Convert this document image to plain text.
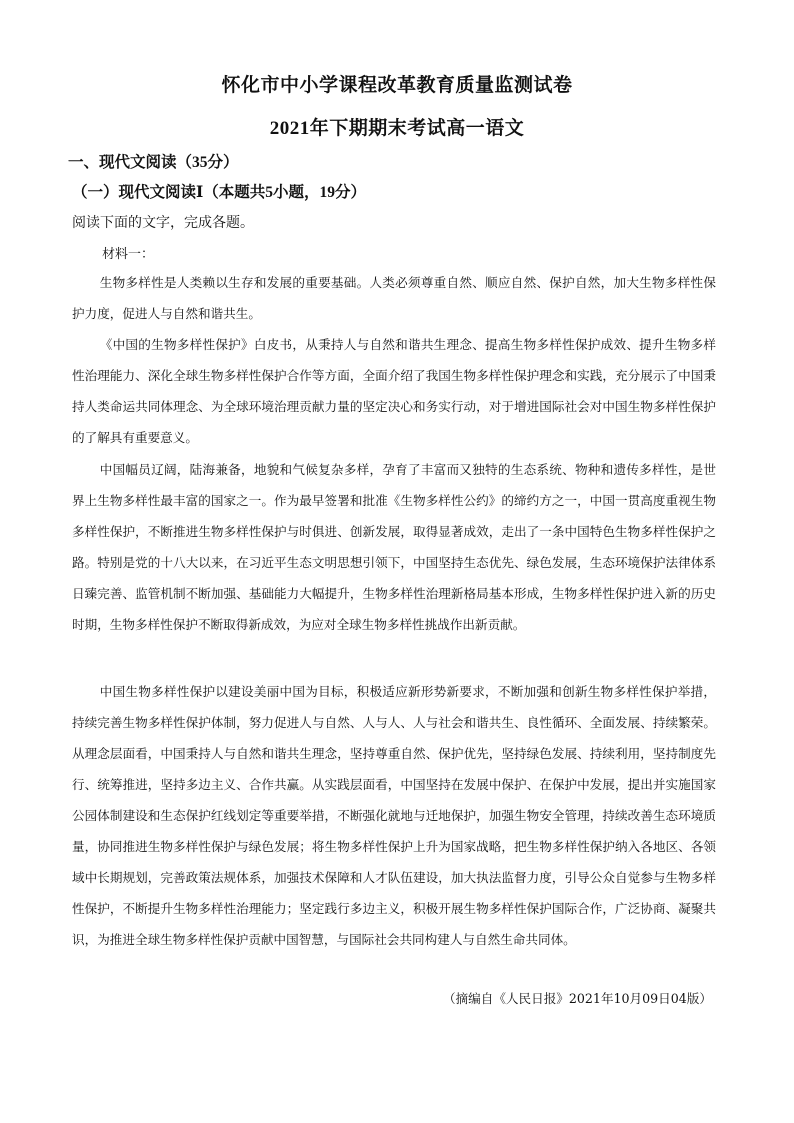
怀化市中小学课程改革教育质量监测试卷
2021年下期期末考试高一语文
一、现代文阅读（35分）
（一）现代文阅读Ⅰ（本题共5小题，19分）
阅读下面的文字，完成各题。
材料一：

生物多样性是人类赖以生存和发展的重要基础。人类必须尊重自然、顺应自然、保护自然，加大生物多样性保护力度，促进人与自然和谐共生。

《中国的生物多样性保护》白皮书，从秉持人与自然和谐共生理念、提高生物多样性保护成效、提升生物多样性治理能力、深化全球生物多样性保护合作等方面，全面介绍了我国生物多样性保护理念和实践，充分展示了中国秉持人类命运共同体理念、为全球环境治理贡献力量的坚定决心和务实行动，对于增进国际社会对中国生物多样性保护的了解具有重要意义。

中国幅员辽阔，陆海兼备，地貌和气候复杂多样，孕育了丰富而又独特的生态系统、物种和遗传多样性，是世界上生物多样性最丰富的国家之一。作为最早签署和批准《生物多样性公约》的缔约方之一，中国一贯高度重视生物多样性保护，不断推进生物多样性保护与时俱进、创新发展，取得显著成效，走出了一条中国特色生物多样性保护之路。特别是党的十八大以来，在习近平生态文明思想引领下，中国坚持生态优先、绿色发展，生态环境保护法律体系日臻完善、监管机制不断加强、基础能力大幅提升，生物多样性治理新格局基本形成，生物多样性保护进入新的历史时期，生物多样性保护不断取得新成效，为应对全球生物多样性挑战作出新贡献。

中国生物多样性保护以建设美丽中国为目标，积极适应新形势新要求，不断加强和创新生物多样性保护举措，持续完善生物多样性保护体制，努力促进人与自然、人与人、人与社会和谐共生、良性循环、全面发展、持续繁荣。从理念层面看，中国秉持人与自然和谐共生理念，坚持尊重自然、保护优先，坚持绿色发展、持续利用，坚持制度先行、统筹推进，坚持多边主义、合作共赢。从实践层面看，中国坚持在发展中保护、在保护中发展，提出并实施国家公园体制建设和生态保护红线划定等重要举措，不断强化就地与迁地保护，加强生物安全管理，持续改善生态环境质量，协同推进生物多样性保护与绿色发展；将生物多样性保护上升为国家战略，把生物多样性保护纳入各地区、各领域中长期规划，完善政策法规体系，加强技术保障和人才队伍建设，加大执法监督力度，引导公众自觉参与生物多样性保护，不断提升生物多样性治理能力；坚定践行多边主义，积极开展生物多样性保护国际合作，广泛协商、凝聚共识，为推进全球生物多样性保护贡献中国智慧，与国际社会共同构建人与自然生命共同体。

（摘编自《人民日报》2021年10月09日04版）
